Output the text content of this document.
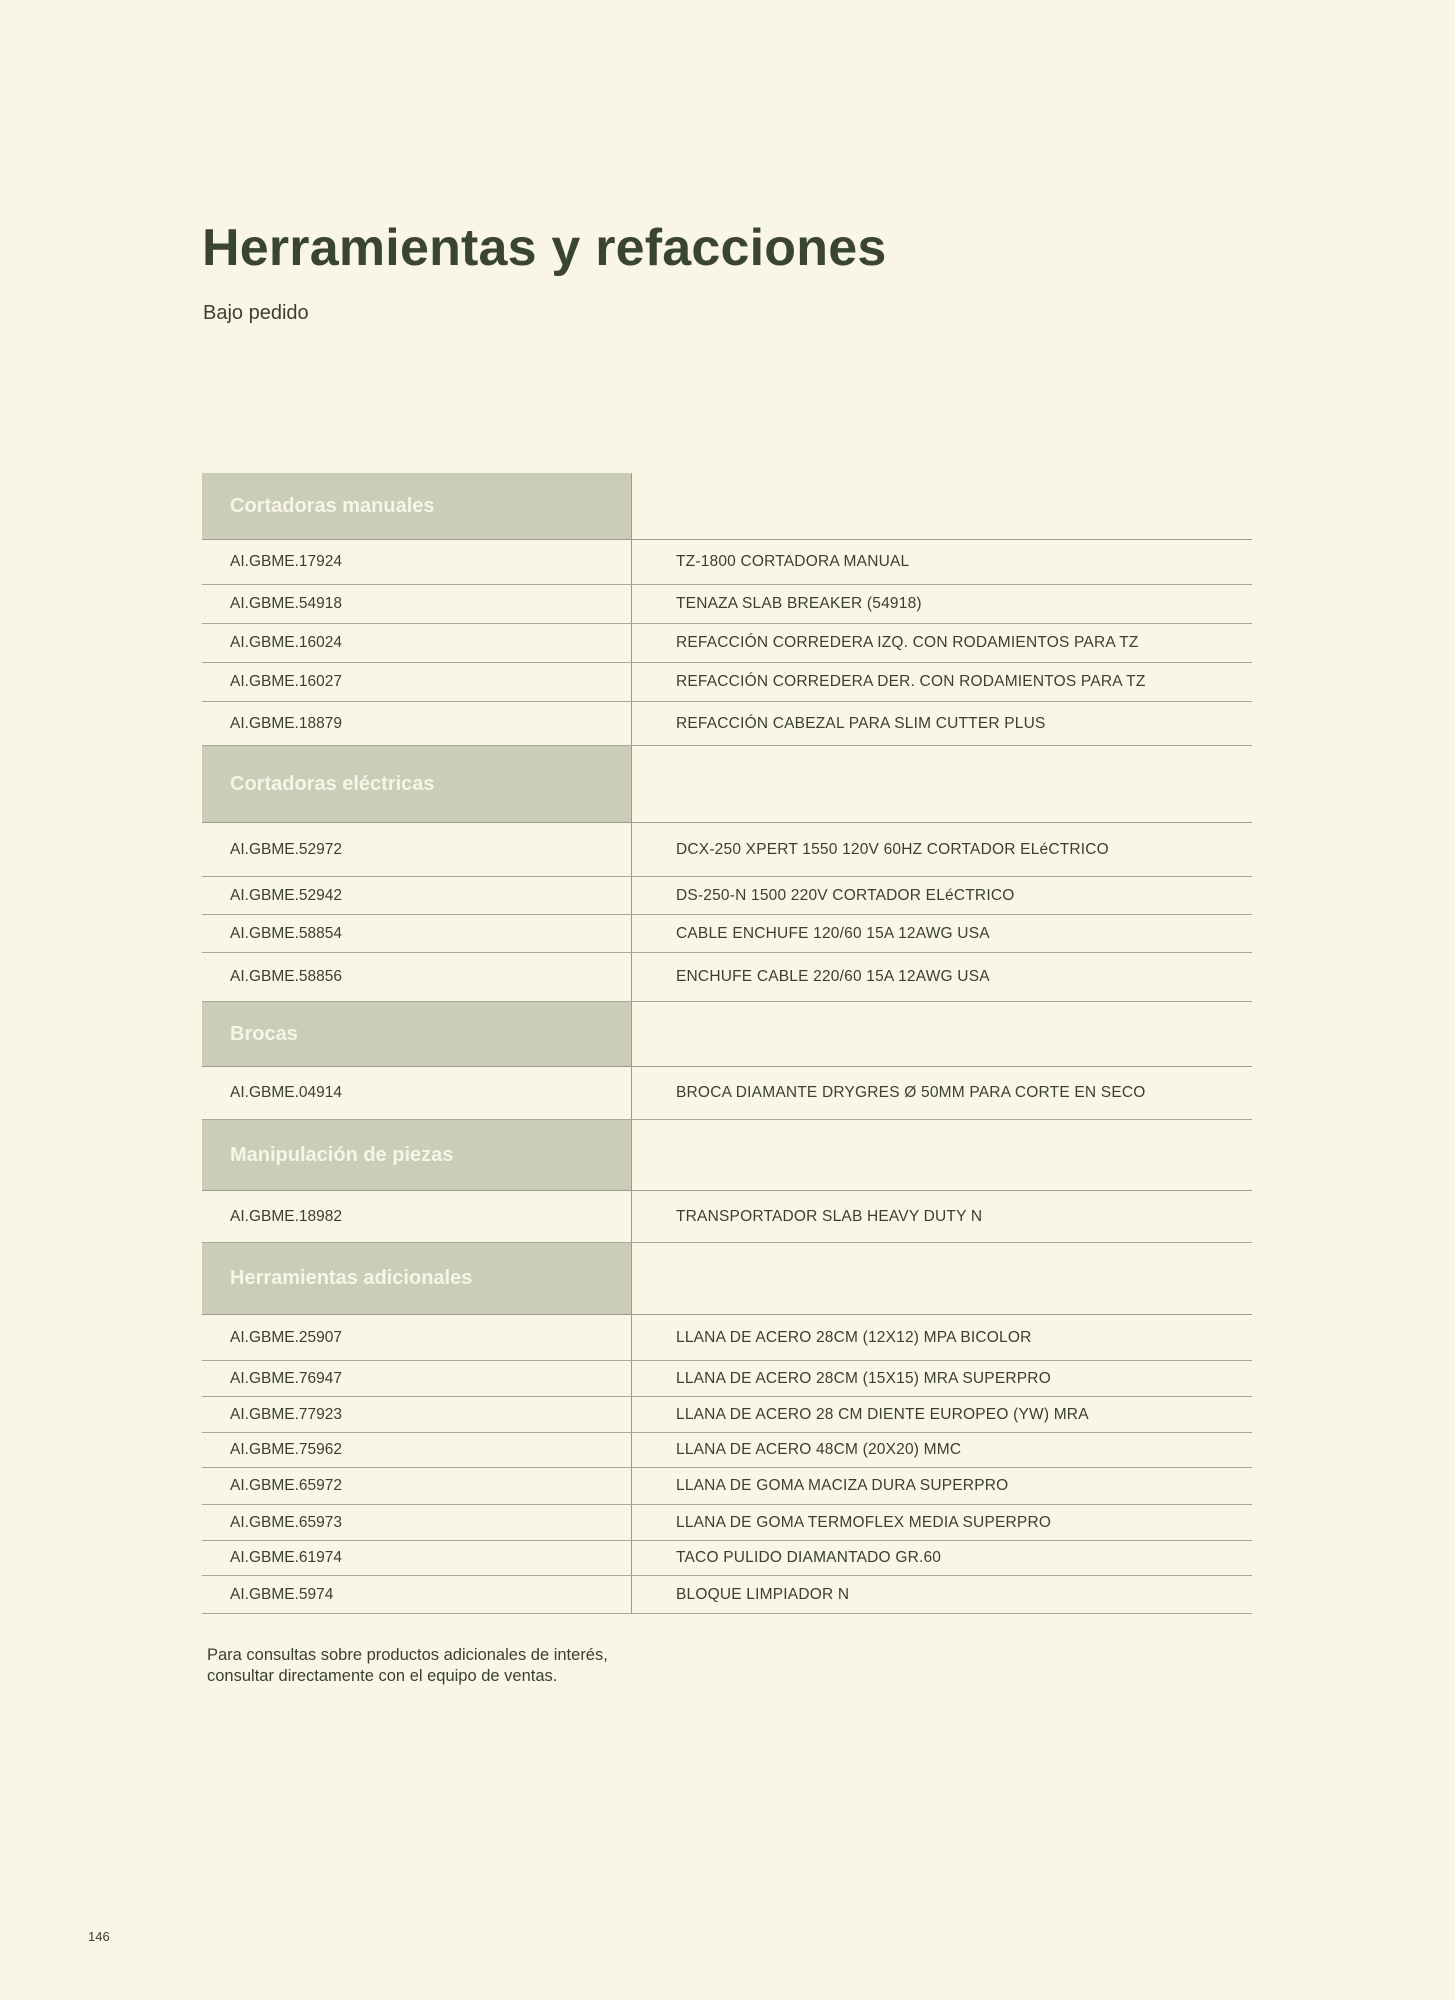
Herramientas y refacciones

Bajo pedido

Cortadoras manuales
AI.GBME.17924	TZ-1800 CORTADORA MANUAL
AI.GBME.54918	TENAZA SLAB BREAKER (54918)
AI.GBME.16024	REFACCIÓN CORREDERA IZQ. CON RODAMIENTOS PARA TZ
AI.GBME.16027	REFACCIÓN CORREDERA DER. CON RODAMIENTOS PARA TZ
AI.GBME.18879	REFACCIÓN CABEZAL PARA SLIM CUTTER PLUS
Cortadoras eléctricas
AI.GBME.52972	DCX-250 XPERT 1550 120V 60HZ CORTADOR ELéCTRICO
AI.GBME.52942	DS-250-N 1500 220V CORTADOR ELéCTRICO
AI.GBME.58854	CABLE ENCHUFE 120/60 15A 12AWG USA
AI.GBME.58856	ENCHUFE CABLE 220/60 15A 12AWG USA
Brocas
AI.GBME.04914	BROCA DIAMANTE DRYGRES Ø 50MM PARA CORTE EN SECO
Manipulación de piezas
AI.GBME.18982	TRANSPORTADOR SLAB HEAVY DUTY N
Herramientas adicionales
AI.GBME.25907	LLANA DE ACERO 28CM (12X12) MPA BICOLOR
AI.GBME.76947	LLANA DE ACERO 28CM (15X15) MRA SUPERPRO
AI.GBME.77923	LLANA DE ACERO 28 CM DIENTE EUROPEO (YW) MRA
AI.GBME.75962	LLANA DE ACERO 48CM (20X20) MMC
AI.GBME.65972	LLANA DE GOMA MACIZA DURA SUPERPRO
AI.GBME.65973	LLANA DE GOMA TERMOFLEX MEDIA SUPERPRO
AI.GBME.61974	TACO PULIDO DIAMANTADO GR.60
AI.GBME.5974	BLOQUE LIMPIADOR N
Para consultas sobre productos adicionales de interés,
consultar directamente con el equipo de ventas.
146
